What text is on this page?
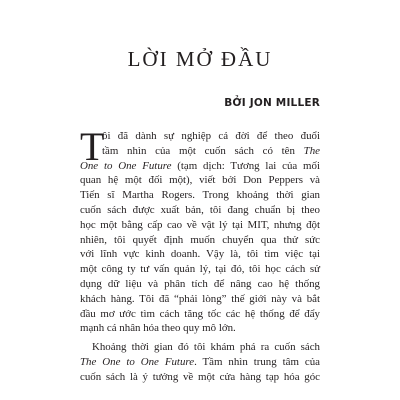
LỜI MỞ ĐẦU
BỞI JON MILLER
T
ôi đã dành sự nghiệp cả đời để theo đuổi
tầm nhìn của một cuốn sách có tên The
One to One Future (tạm dịch: Tương lai của mối
quan hệ một đối một), viết bởi Don Peppers và
Tiến sĩ Martha Rogers. Trong khoảng thời gian
cuốn sách được xuất bản, tôi đang chuẩn bị theo
học một bằng cấp cao về vật lý tại MIT, nhưng đột
nhiên, tôi quyết định muốn chuyển qua thử sức
với lĩnh vực kinh doanh. Vậy là, tôi tìm việc tại
một công ty tư vấn quản lý, tại đó, tôi học cách sử
dụng dữ liệu và phân tích để nâng cao hệ thống
khách hàng. Tôi đã “phải lòng” thế giới này và bắt
đầu mơ ước tìm cách tăng tốc các hệ thống để đẩy
mạnh cá nhân hóa theo quy mô lớn.
Khoảng thời gian đó tôi khám phá ra cuốn sách
The One to One Future. Tầm nhìn trung tâm của
cuốn sách là ý tưởng về một cửa hàng tạp hóa góc
